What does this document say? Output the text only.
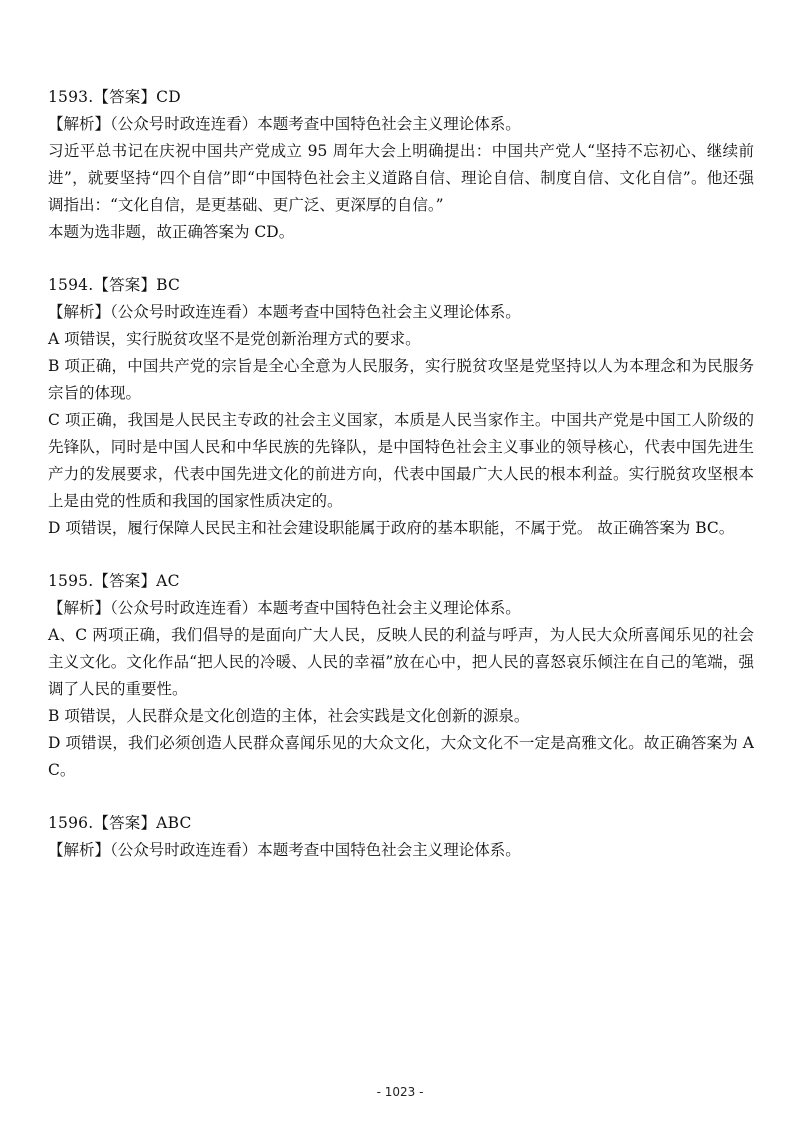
1593.【答案】CD

【解析】（公众号时政连连看）本题考查中国特色社会主义理论体系。

习近平总书记在庆祝中国共产党成立 95 周年大会上明确提出：中国共产党人“坚持不忘初心、继续前进”，就要坚持“四个自信”即“中国特色社会主义道路自信、理论自信、制度自信、文化自信”。他还强调指出：“文化自信，是更基础、更广泛、更深厚的自信。”

本题为选非题，故正确答案为 CD。

1594.【答案】BC

【解析】（公众号时政连连看）本题考查中国特色社会主义理论体系。

A 项错误，实行脱贫攻坚不是党创新治理方式的要求。

B 项正确，中国共产党的宗旨是全心全意为人民服务，实行脱贫攻坚是党坚持以人为本理念和为民服务宗旨的体现。

C 项正确，我国是人民民主专政的社会主义国家，本质是人民当家作主。中国共产党是中国工人阶级的先锋队，同时是中国人民和中华民族的先锋队，是中国特色社会主义事业的领导核心，代表中国先进生产力的发展要求，代表中国先进文化的前进方向，代表中国最广大人民的根本利益。实行脱贫攻坚根本上是由党的性质和我国的国家性质决定的。

D 项错误，履行保障人民民主和社会建设职能属于政府的基本职能，不属于党。 故正确答案为 BC。

1595.【答案】AC

【解析】（公众号时政连连看）本题考查中国特色社会主义理论体系。

A、C 两项正确，我们倡导的是面向广大人民，反映人民的利益与呼声，为人民大众所喜闻乐见的社会主义文化。文化作品“把人民的冷暖、人民的幸福”放在心中，把人民的喜怒哀乐倾注在自己的笔端，强调了人民的重要性。

B 项错误，人民群众是文化创造的主体，社会实践是文化创新的源泉。

D 项错误，我们必须创造人民群众喜闻乐见的大众文化，大众文化不一定是高雅文化。故正确答案为 AC。

1596.【答案】ABC

【解析】（公众号时政连连看）本题考查中国特色社会主义理论体系。

- 1023 -
